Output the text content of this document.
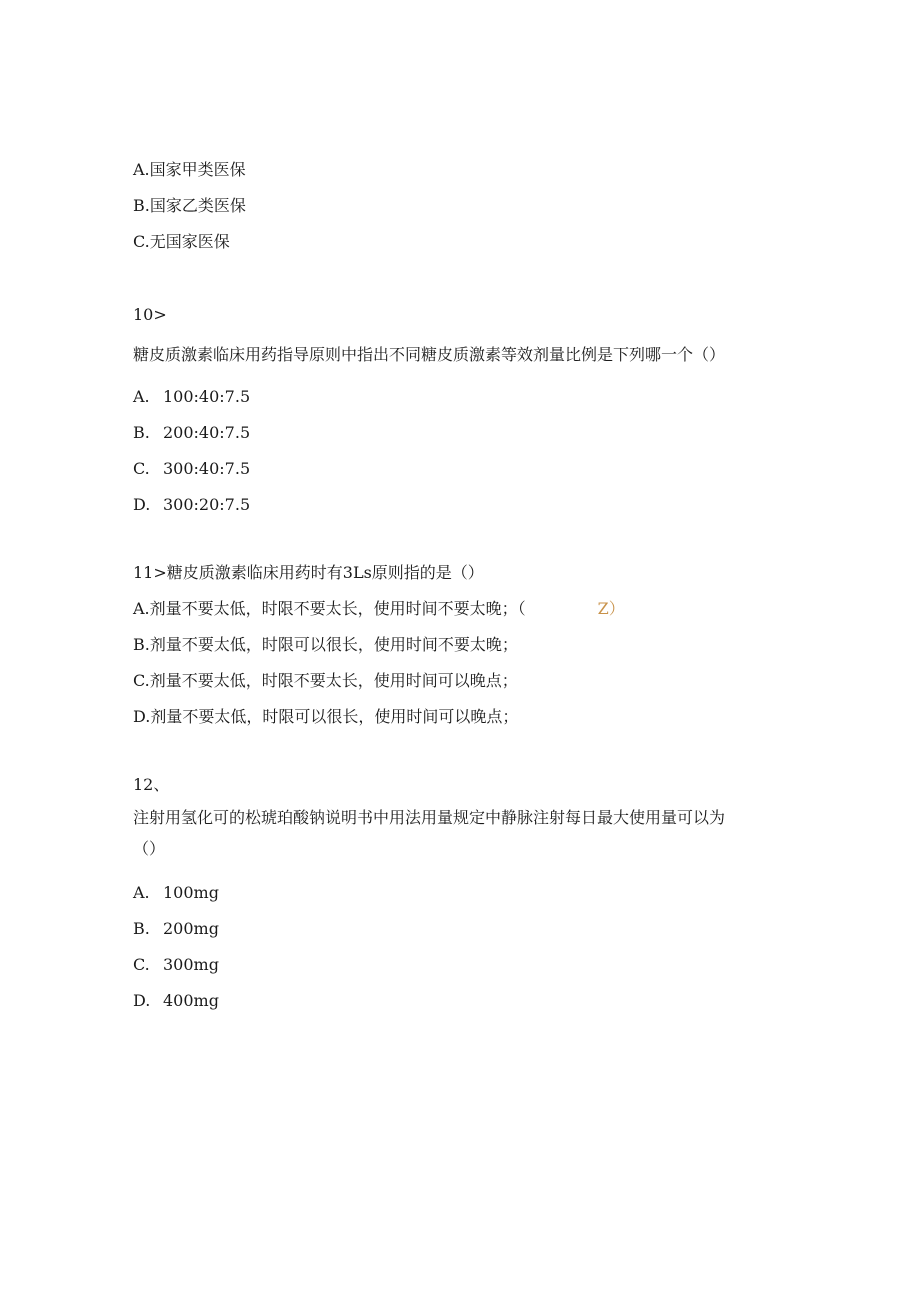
A.国家甲类医保
B.国家乙类医保
C.无国家医保
10>
糖皮质激素临床用药指导原则中指出不同糖皮质激素等效剂量比例是下列哪一个（）
A. 100:40:7.5
B. 200:40:7.5
C. 300:40:7.5
D. 300:20:7.5
11>糖皮质激素临床用药时有3Ls原则指的是（）
A.剂量不要太低，时限不要太长，使用时间不要太晚；（	Z）
B.剂量不要太低，时限可以很长，使用时间不要太晚；
C.剂量不要太低，时限不要太长，使用时间可以晚点；
D.剂量不要太低，时限可以很长，使用时间可以晚点；
12、
注射用氢化可的松琥珀酸钠说明书中用法用量规定中静脉注射每日最大使用量可以为
（）
A. 100mg
B. 200mg
C. 300mg
D. 400mg
